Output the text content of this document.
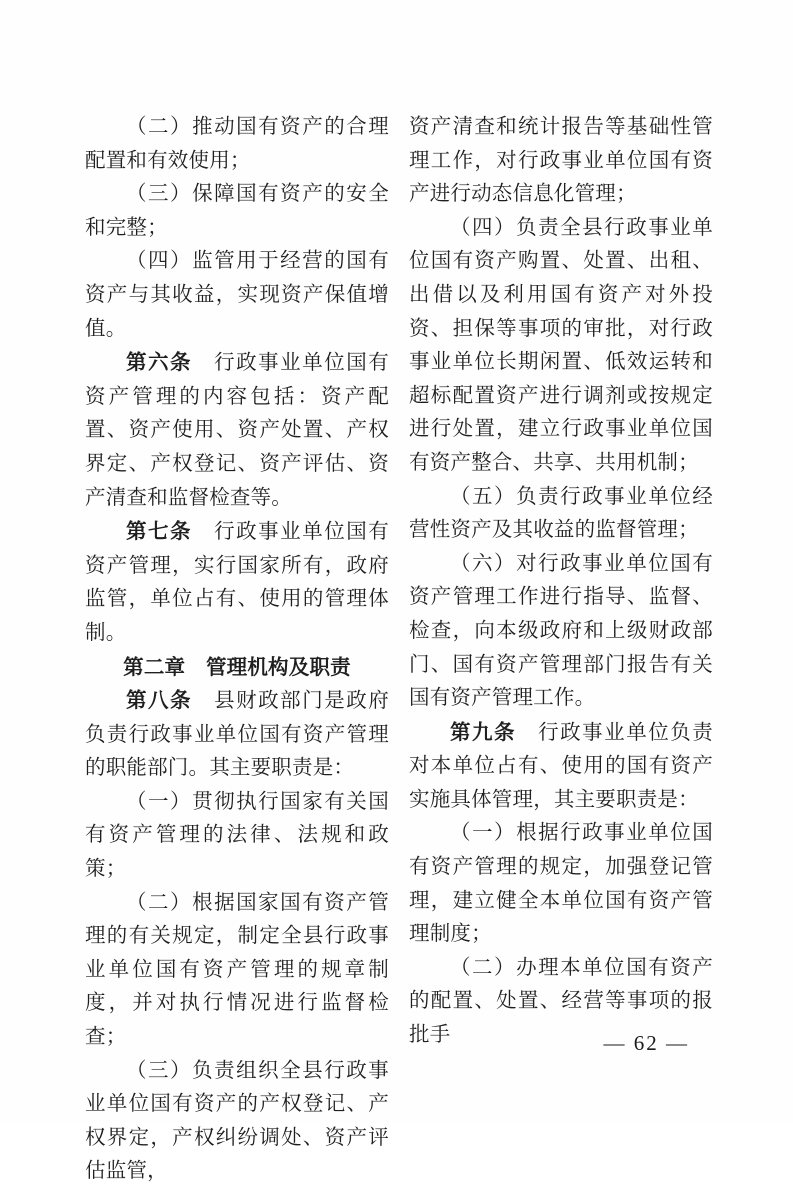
（二）推动国有资产的合理配置和有效使用；

（三）保障国有资产的安全和完整；

（四）监管用于经营的国有资产与其收益，实现资产保值增值。

第六条　行政事业单位国有资产管理的内容包括：资产配置、资产使用、资产处置、产权界定、产权登记、资产评估、资产清查和监督检查等。

第七条　行政事业单位国有资产管理，实行国家所有，政府监管，单位占有、使用的管理体制。

第二章　管理机构及职责

第八条　县财政部门是政府负责行政事业单位国有资产管理的职能部门。其主要职责是：

（一）贯彻执行国家有关国有资产管理的法律、法规和政策；

（二）根据国家国有资产管理的有关规定，制定全县行政事业单位国有资产管理的规章制度，并对执行情况进行监督检查；

（三）负责组织全县行政事业单位国有资产的产权登记、产权界定，产权纠纷调处、资产评估监管，

资产清查和统计报告等基础性管理工作，对行政事业单位国有资产进行动态信息化管理；

（四）负责全县行政事业单位国有资产购置、处置、出租、出借以及利用国有资产对外投资、担保等事项的审批，对行政事业单位长期闲置、低效运转和超标配置资产进行调剂或按规定进行处置，建立行政事业单位国有资产整合、共享、共用机制；

（五）负责行政事业单位经营性资产及其收益的监督管理；

（六）对行政事业单位国有资产管理工作进行指导、监督、检查，向本级政府和上级财政部门、国有资产管理部门报告有关国有资产管理工作。

第九条　行政事业单位负责对本单位占有、使用的国有资产实施具体管理，其主要职责是：

（一）根据行政事业单位国有资产管理的规定，加强登记管理，建立健全本单位国有资产管理制度；

（二）办理本单位国有资产的配置、处置、经营等事项的报批手	— 62 —
